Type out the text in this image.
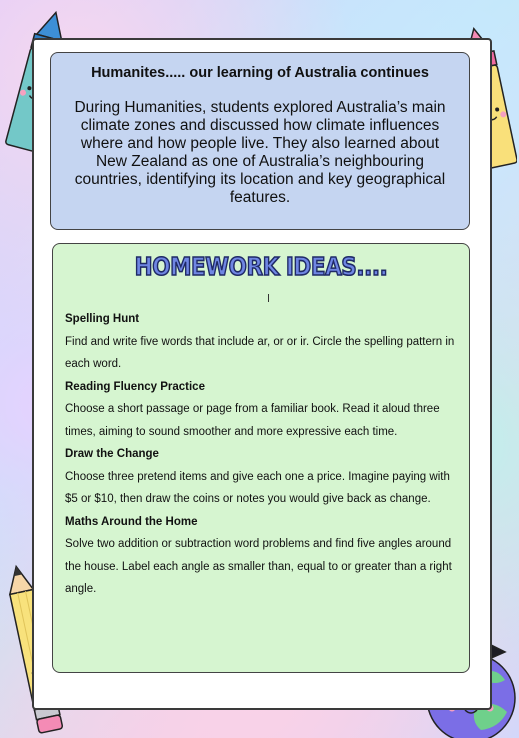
Humanites..... our learning of Australia continues

During Humanities, students explored Australia’s main climate zones and discussed how climate influences where and how people live. They also learned about New Zealand as one of Australia’s neighbouring countries, identifying its location and key geographical features.

HOMEWORK IDEAS....
Spelling Hunt
Find and write five words that include ar, or or ir. Circle the spelling pattern in each word.
Reading Fluency Practice
Choose a short passage or page from a familiar book. Read it aloud three times, aiming to sound smoother and more expressive each time.
Draw the Change
Choose three pretend items and give each one a price. Imagine paying with $5 or $10, then draw the coins or notes you would give back as change.
Maths Around the Home
Solve two addition or subtraction word problems and find five angles around the house. Label each angle as smaller than, equal to or greater than a right angle.
